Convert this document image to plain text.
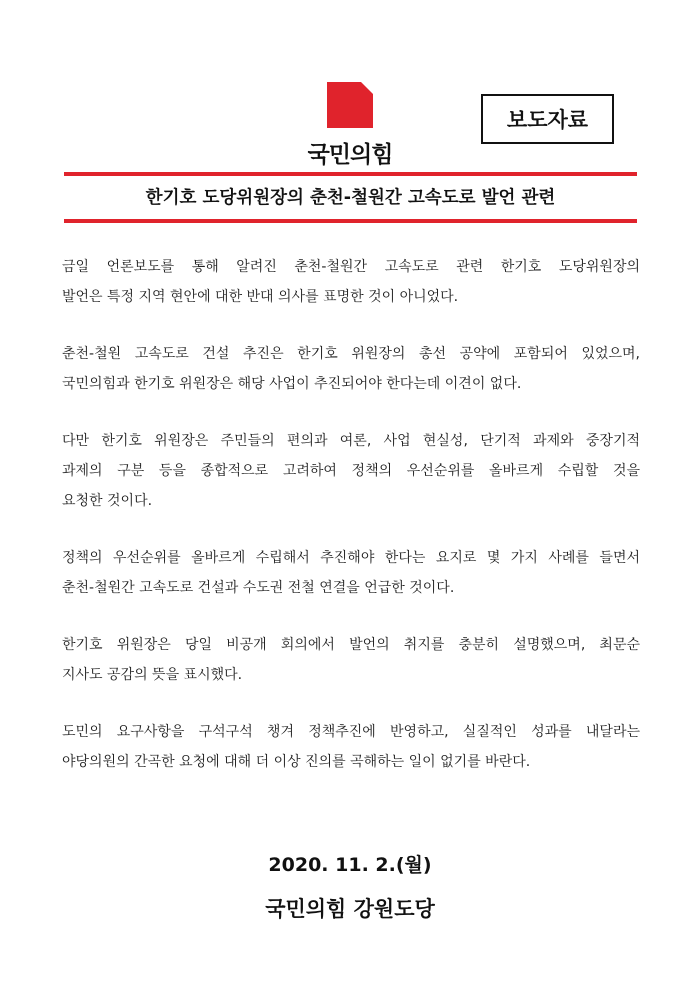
국민의힘
보도자료
한기호 도당위원장의 춘천-철원간 고속도로 발언 관련
금일 언론보도를 통해 알려진 춘천-철원간 고속도로 관련 한기호 도당위원장의
발언은 특정 지역 현안에 대한 반대 의사를 표명한 것이 아니었다.
춘천-철원 고속도로 건설 추진은 한기호 위원장의 총선 공약에 포함되어 있었으며,
국민의힘과 한기호 위원장은 해당 사업이 추진되어야 한다는데 이견이 없다.
다만 한기호 위원장은 주민들의 편의과 여론, 사업 현실성, 단기적 과제와 중장기적
과제의 구분 등을 종합적으로 고려하여 정책의 우선순위를 올바르게 수립할 것을
요청한 것이다.
정책의 우선순위를 올바르게 수립해서 추진해야 한다는 요지로 몇 가지 사례를 들면서
춘천-철원간 고속도로 건설과 수도권 전철 연결을 언급한 것이다.
한기호 위원장은 당일 비공개 회의에서 발언의 취지를 충분히 설명했으며, 최문순
지사도 공감의 뜻을 표시했다.
도민의 요구사항을 구석구석 챙겨 정책추진에 반영하고, 실질적인 성과를 내달라는
야당의원의 간곡한 요청에 대해 더 이상 진의를 곡해하는 일이 없기를 바란다.
2020. 11. 2.(월)
국민의힘 강원도당
